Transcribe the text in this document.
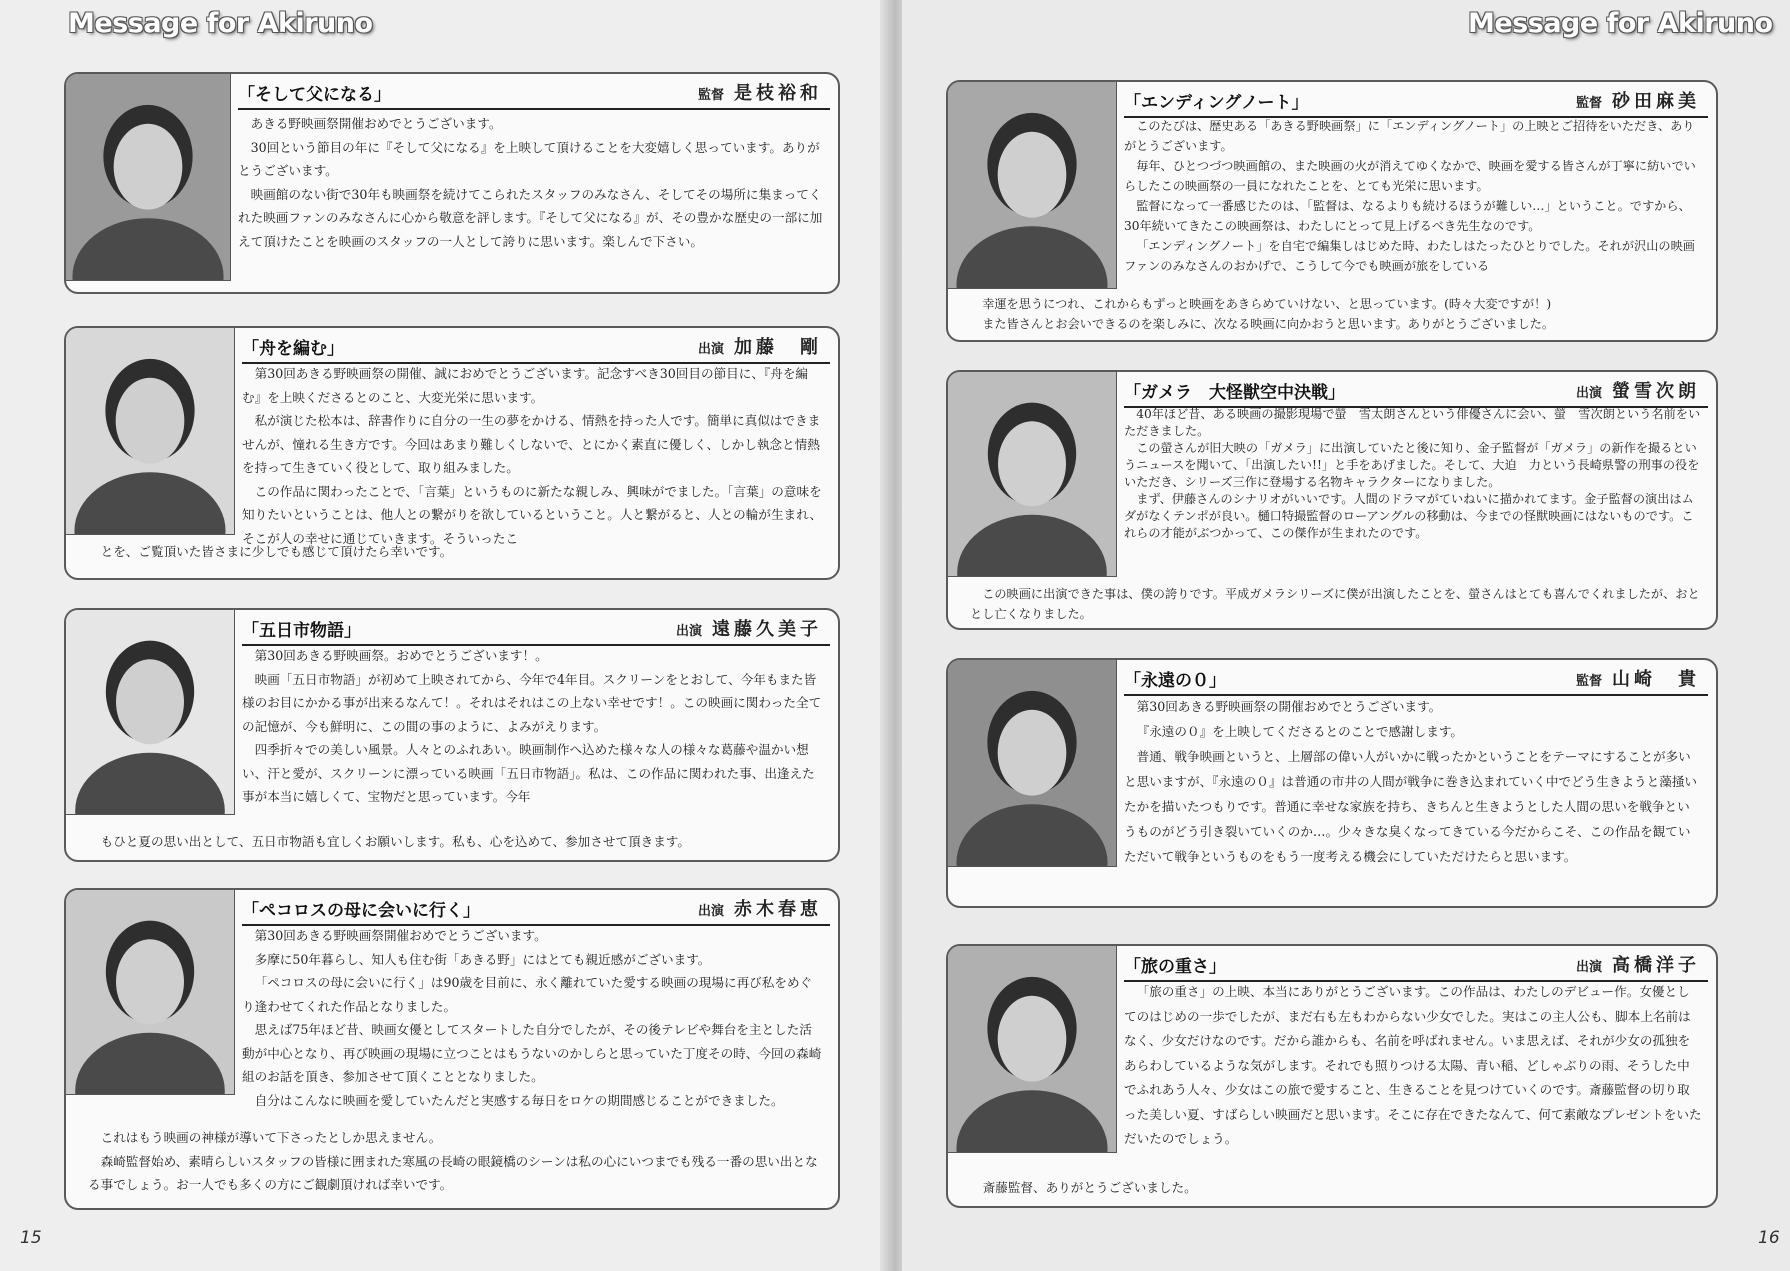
Message for Akiruno
15
Message for Akiruno
16
「そして父になる」	監督 是枝裕和

あきる野映画祭開催おめでとうございます。

30回という節目の年に『そして父になる』を上映して頂けることを大変嬉しく思っています。ありがとうございます。

映画館のない街で30年も映画祭を続けてこられたスタッフのみなさん、そしてその場所に集まってくれた映画ファンのみなさんに心から敬意を評します。『そして父になる』が、その豊かな歴史の一部に加えて頂けたことを映画のスタッフの一人として誇りに思います。楽しんで下さい。

「舟を編む」	出演 加藤　剛

第30回あきる野映画祭の開催、誠におめでとうございます。記念すべき30回目の節目に、『舟を編む』を上映くださるとのこと、大変光栄に思います。

私が演じた松本は、辞書作りに自分の一生の夢をかける、情熱を持った人です。簡単に真似はできませんが、憧れる生き方です。今回はあまり難しくしないで、とにかく素直に優しく、しかし執念と情熱を持って生きていく役として、取り組みました。

この作品に関わったことで、「言葉」というものに新たな親しみ、興味がでました。「言葉」の意味を知りたいということは、他人との繋がりを欲しているということ。人と繋がると、人との輪が生まれ、そこが人の幸せに通じていきます。そういったこ

とを、ご覧頂いた皆さまに少しでも感じて頂けたら幸いです。

「五日市物語」	出演 遠藤久美子

第30回あきる野映画祭。おめでとうございます！。

映画「五日市物語」が初めて上映されてから、今年で4年目。スクリーンをとおして、今年もまた皆様のお目にかかる事が出来るなんて！。それはそれはこの上ない幸せです！。この映画に関わった全ての記憶が、今も鮮明に、この間の事のように、よみがえります。

四季折々での美しい風景。人々とのふれあい。映画制作へ込めた様々な人の様々な葛藤や温かい想い、汗と愛が、スクリーンに漂っている映画「五日市物語」。私は、この作品に関われた事、出逢えた事が本当に嬉しくて、宝物だと思っています。今年

もひと夏の思い出として、五日市物語も宜しくお願いします。私も、心を込めて、参加させて頂きます。

「ペコロスの母に会いに行く」	出演 赤木春恵

第30回あきる野映画祭開催おめでとうございます。

多摩に50年暮らし、知人も住む街「あきる野」にはとても親近感がございます。

「ペコロスの母に会いに行く」は90歳を目前に、永く離れていた愛する映画の現場に再び私をめぐり逢わせてくれた作品となりました。

思えば75年ほど昔、映画女優としてスタートした自分でしたが、その後テレビや舞台を主とした活動が中心となり、再び映画の現場に立つことはもうないのかしらと思っていた丁度その時、今回の森崎組のお話を頂き、参加させて頂くこととなりました。

自分はこんなに映画を愛していたんだと実感する毎日をロケの期間感じることができました。

これはもう映画の神様が導いて下さったとしか思えません。

森崎監督始め、素晴らしいスタッフの皆様に囲まれた寒風の長崎の眼鏡橋のシーンは私の心にいつまでも残る一番の思い出となる事でしょう。お一人でも多くの方にご観劇頂ければ幸いです。

「エンディングノート」	監督 砂田麻美

このたびは、歴史ある「あきる野映画祭」に「エンディングノート」の上映とご招待をいただき、ありがとうございます。

毎年、ひとつづつ映画館の、また映画の火が消えてゆくなかで、映画を愛する皆さんが丁寧に紡いでいらしたこの映画祭の一員になれたことを、とても光栄に思います。

監督になって一番感じたのは、「監督は、なるよりも続けるほうが難しい…」ということ。ですから、30年続いてきたこの映画祭は、わたしにとって見上げるべき先生なのです。

「エンディングノート」を自宅で編集しはじめた時、わたしはたったひとりでした。それが沢山の映画ファンのみなさんのおかげで、こうして今でも映画が旅をしている

幸運を思うにつれ、これからもずっと映画をあきらめていけない、と思っています。(時々大変ですが！)

また皆さんとお会いできるのを楽しみに、次なる映画に向かおうと思います。ありがとうございました。

「ガメラ　大怪獣空中決戦」	出演 螢雪次朗

40年ほど昔、ある映画の撮影現場で螢　雪太朗さんという俳優さんに会い、螢　雪次朗という名前をいただきました。

この螢さんが旧大映の「ガメラ」に出演していたと後に知り、金子監督が「ガメラ」の新作を撮るというニュースを聞いて、「出演したい!!」と手をあげました。そして、大迫　力という長崎県警の刑事の役をいただき、シリーズ三作に登場する名物キャラクターになりました。

まず、伊藤さんのシナリオがいいです。人間のドラマがていねいに描かれてます。金子監督の演出はムダがなくテンポが良い。樋口特撮監督のローアングルの移動は、今までの怪獣映画にはないものです。これらの才能がぶつかって、この傑作が生まれたのです。

この映画に出演できた事は、僕の誇りです。平成ガメラシリーズに僕が出演したことを、螢さんはとても喜んでくれましたが、おととし亡くなりました。

「永遠の０」	監督 山崎　貴

第30回あきる野映画祭の開催おめでとうございます。

『永遠の０』を上映してくださるとのことで感謝します。

普通、戦争映画というと、上層部の偉い人がいかに戦ったかということをテーマにすることが多いと思いますが、『永遠の０』は普通の市井の人間が戦争に巻き込まれていく中でどう生きようと藻掻いたかを描いたつもりです。普通に幸せな家族を持ち、きちんと生きようとした人間の思いを戦争というものがどう引き裂いていくのか…。少々きな臭くなってきている今だからこそ、この作品を観ていただいて戦争というものをもう一度考える機会にしていただけたらと思います。

「旅の重さ」	出演 高橋洋子

「旅の重さ」の上映、本当にありがとうございます。この作品は、わたしのデビュー作。女優としてのはじめの一歩でしたが、まだ右も左もわからない少女でした。実はこの主人公も、脚本上名前はなく、少女だけなのです。だから誰からも、名前を呼ばれません。いま思えば、それが少女の孤独をあらわしているような気がします。それでも照りつける太陽、青い稲、どしゃぶりの雨、そうした中でふれあう人々、少女はこの旅で愛すること、生きることを見つけていくのです。斎藤監督の切り取った美しい夏、すばらしい映画だと思います。そこに存在できたなんて、何て素敵なプレゼントをいただいたのでしょう。

斎藤監督、ありがとうございました。
